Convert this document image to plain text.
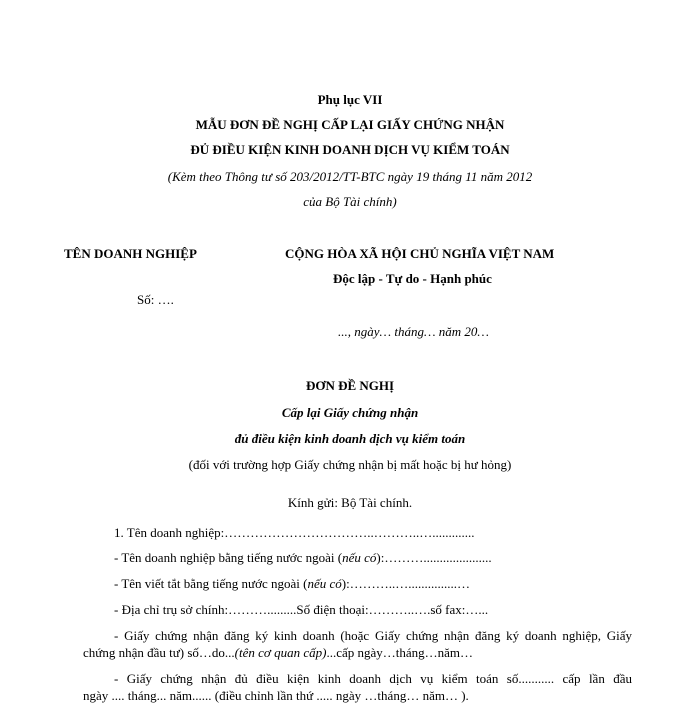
Phụ lục VII
MẪU ĐƠN ĐỀ NGHỊ CẤP LẠI GIẤY CHỨNG NHẬN
ĐỦ ĐIỀU KIỆN KINH DOANH DỊCH VỤ KIỂM TOÁN
(Kèm theo Thông tư số 203/2012/TT-BTC ngày 19 tháng 11 năm 2012
của Bộ Tài chính)
TÊN DOANH NGHIỆP	CỘNG HÒA XÃ HỘI CHỦ NGHĨA VIỆT NAM
Độc lập - Tự do - Hạnh phúc
Số: ….
..., ngày… tháng… năm 20…
ĐƠN ĐỀ NGHỊ
Cấp lại Giấy chứng nhận
đủ điều kiện kinh doanh dịch vụ kiểm toán
(đối với trường hợp Giấy chứng nhận bị mất hoặc bị hư hỏng)
Kính gửi: Bộ Tài chính.
1. Tên doanh nghiệp:……………………………..………..….............
- Tên doanh nghiệp bằng tiếng nước ngoài (nếu có):……….....................
- Tên viết tắt bằng tiếng nước ngoài (nếu có):………..…...............…
- Địa chỉ trụ sở chính:……….........Số điện thoại:………..….số fax:…...
- Giấy chứng nhận đăng ký kinh doanh (hoặc Giấy chứng nhận đăng ký doanh nghiệp, Giấy
chứng nhận đầu tư) số…do...(tên cơ quan cấp)...cấp ngày…tháng…năm…
- Giấy chứng nhận đủ điều kiện kinh doanh dịch vụ kiểm toán số........... cấp lần đầu
ngày .... tháng... năm...... (điều chỉnh lần thứ ..... ngày …tháng… năm… ).
